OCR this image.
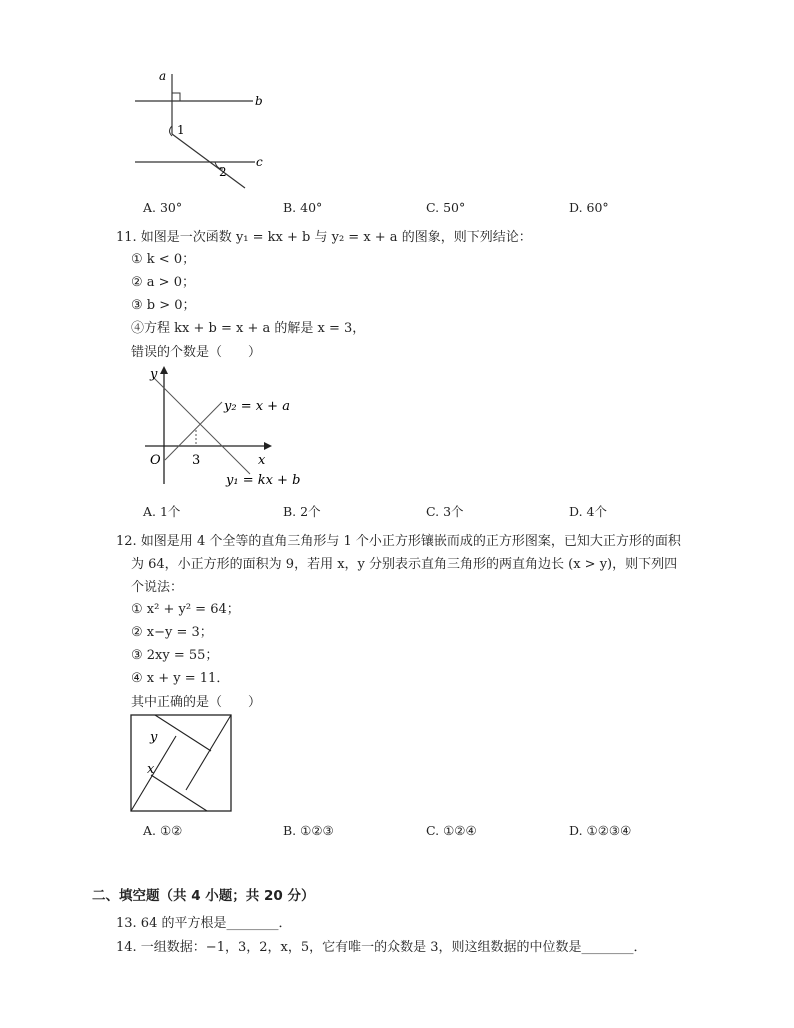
a
b
c
1
2
A. 30°	B. 40°	C. 50°	D. 60°
11. 如图是一次函数 y₁ = kx + b 与 y₂ = x + a 的图象，则下列结论：
① k < 0；
② a > 0；
③ b > 0；
④方程 kx + b = x + a 的解是 x = 3，
错误的个数是（　　）
y
x
O 3
y₂ = x + a
y₁ = kx + b
A. 1个	B. 2个	C. 3个	D. 4个
12. 如图是用 4 个全等的直角三角形与 1 个小正方形镶嵌而成的正方形图案，已知大正方形的面积
为 64，小正方形的面积为 9，若用 x，y 分别表示直角三角形的两直角边长 (x > y)，则下列四
个说法：
① x² + y² = 64；
② x−y = 3；
③ 2xy = 55；
④ x + y = 11．
其中正确的是（　　）
y
x
A. ①②	B. ①②③	C. ①②④	D. ①②③④
二、填空题（共 4 小题；共 20 分）
13. 64 的平方根是________．
14. 一组数据：−1，3，2，x，5，它有唯一的众数是 3，则这组数据的中位数是________．
